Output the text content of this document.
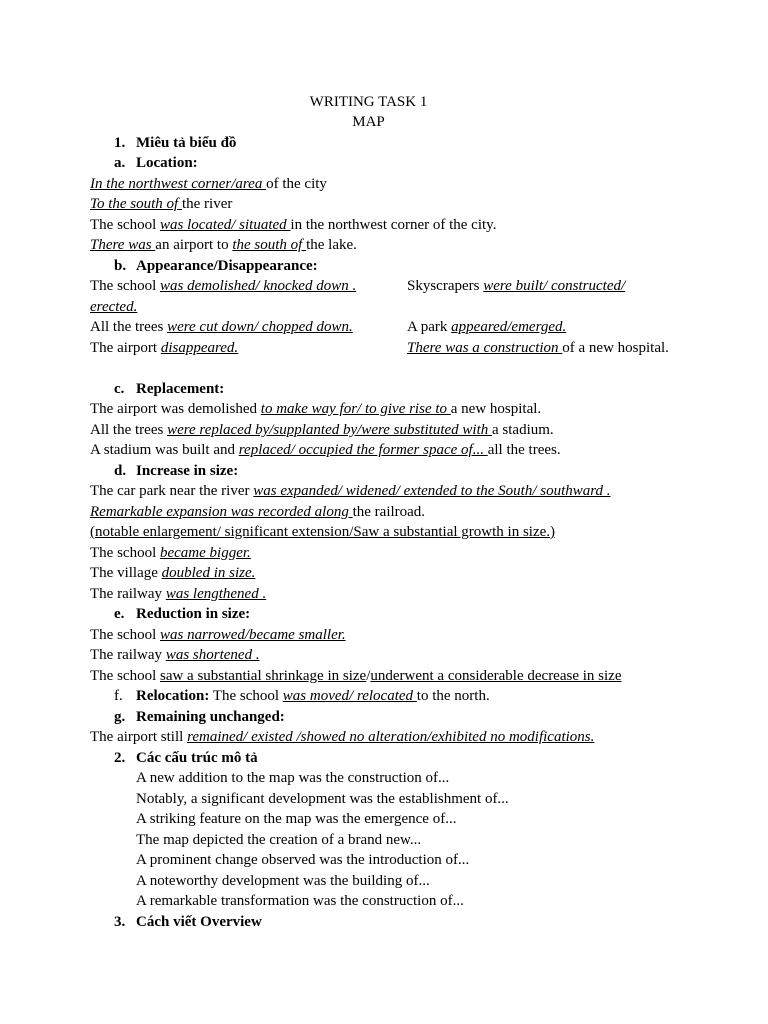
WRITING TASK 1
MAP
1. Miêu tả biểu đồ
a. Location:
In the northwest corner/area of the city
To the south of the river
The school was located/ situated in the northwest corner of the city.
There was an airport to the south of the lake.
b. Appearance/Disappearance:
The school was demolished/ knocked down .	Skyscrapers were built/ constructed/
erected.
All the trees were cut down/ chopped down.	A park appeared/emerged.
The airport disappeared.	There was a construction of a new hospital.
c. Replacement:
The airport was demolished to make way for/ to give rise to a new hospital.
All the trees were replaced by/supplanted by/were substituted with a stadium.
A stadium was built and replaced/ occupied the former space of... all the trees.
d. Increase in size:
The car park near the river was expanded/ widened/ extended to the South/ southward .
Remarkable expansion was recorded along the railroad.
(notable enlargement/ significant extension/Saw a substantial growth in size.)
The school became bigger.
The village doubled in size.
The railway was lengthened .
e. Reduction in size:
The school was narrowed/became smaller.
The railway was shortened .
The school saw a substantial shrinkage in size/underwent a considerable decrease in size
f. Relocation: The school was moved/ relocated to the north.
g. Remaining unchanged:
The airport still remained/ existed /showed no alteration/exhibited no modifications.
2. Các cấu trúc mô tả
A new addition to the map was the construction of...
Notably, a significant development was the establishment of...
A striking feature on the map was the emergence of...
The map depicted the creation of a brand new...
A prominent change observed was the introduction of...
A noteworthy development was the building of...
A remarkable transformation was the construction of...
3. Cách viết Overview
